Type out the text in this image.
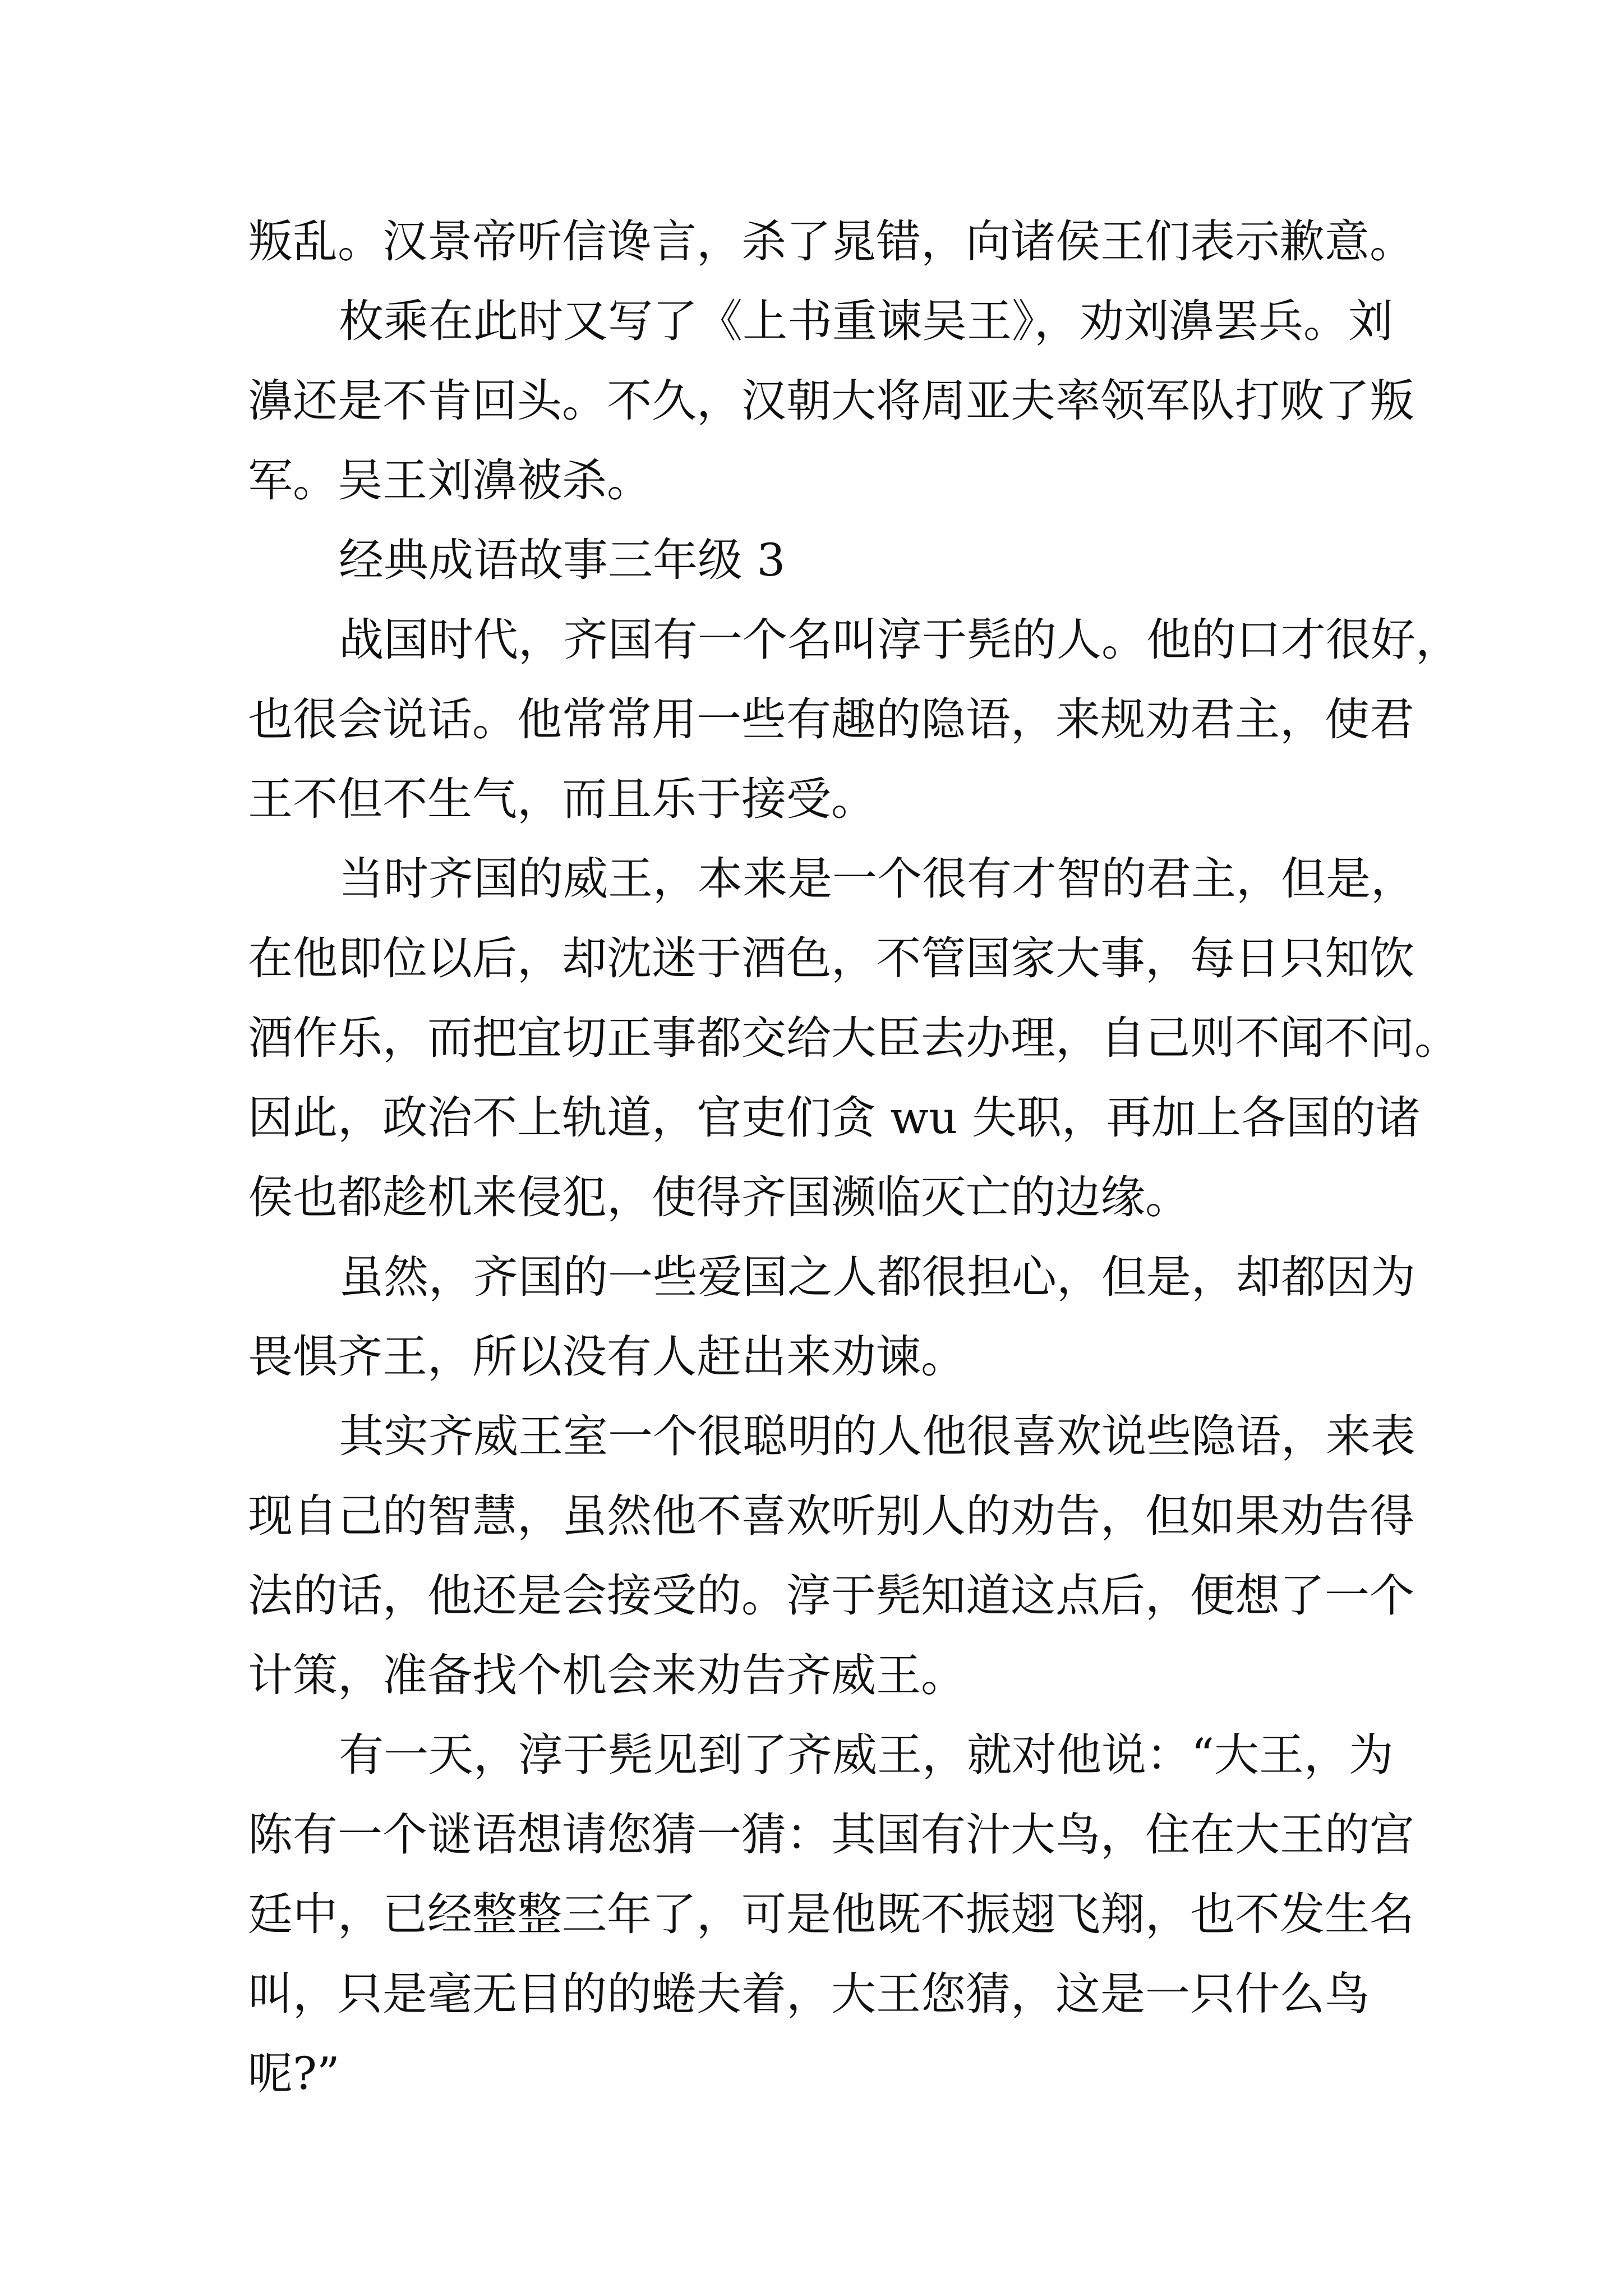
叛乱。汉景帝听信谗言，杀了晁错，向诸侯王们表示歉意。
枚乘在此时又写了《上书重谏吴王》，劝刘濞罢兵。刘
濞还是不肯回头。不久，汉朝大将周亚夫率领军队打败了叛
军。吴王刘濞被杀。
经典成语故事三年级 3
战国时代，齐国有一个名叫淳于髡的人。他的口才很好，
也很会说话。他常常用一些有趣的隐语，来规劝君主，使君
王不但不生气，而且乐于接受。
当时齐国的威王，本来是一个很有才智的君主，但是，
在他即位以后，却沈迷于酒色，不管国家大事，每日只知饮
酒作乐，而把宜切正事都交给大臣去办理，自己则不闻不问。
因此，政治不上轨道，官吏们贪 wu 失职，再加上各国的诸
侯也都趁机来侵犯，使得齐国濒临灭亡的边缘。
虽然，齐国的一些爱国之人都很担心，但是，却都因为
畏惧齐王，所以没有人赶出来劝谏。
其实齐威王室一个很聪明的人他很喜欢说些隐语，来表
现自己的智慧，虽然他不喜欢听别人的劝告，但如果劝告得
法的话，他还是会接受的。淳于髡知道这点后，便想了一个
计策，准备找个机会来劝告齐威王。
有一天，淳于髡见到了齐威王，就对他说：“大王，为
陈有一个谜语想请您猜一猜：其国有汁大鸟，住在大王的宫
廷中，已经整整三年了，可是他既不振翅飞翔，也不发生名
叫，只是毫无目的的蜷夫着，大王您猜，这是一只什么鸟
呢?”
